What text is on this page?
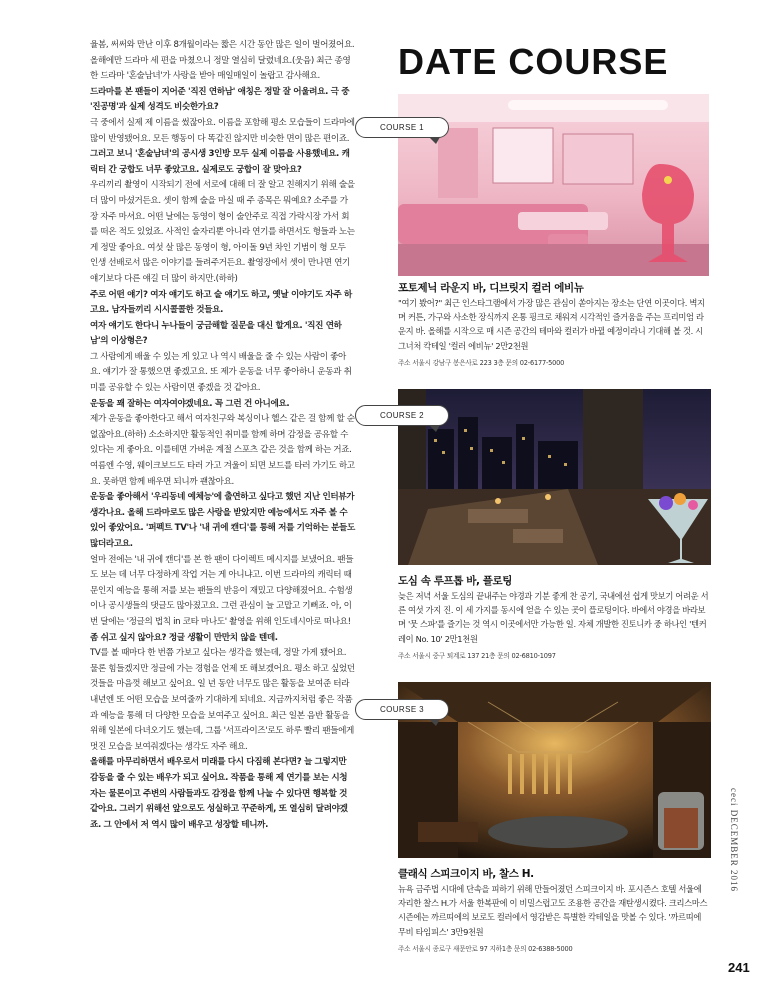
율봄, 써써와 만난 이후 8개월이라는 짧은 시간 동안 많은 일이 벌어졌어요. 올해에만 드라마 세 편을 마쳤으니 정말 열심히 달렸네요.(웃음) 최근 종영한 드라마 '혼술남녀'가 사랑을 받아 매일매일이 놀랍고 감사해요.

드라마를 본 팬들이 지어준 '직진 연하남' 애칭은 정말 잘 어울려요. 극 중 '진공명'과 실제 성격도 비슷한가요?

극 중에서 실제 제 이름을 썼잖아요. 이름을 포함해 평소 모습들이 드라마에 많이 반영됐어요. 모든 행동이 다 똑같진 않지만 비슷한 면이 많은 편이죠.

그러고 보니 '혼술남녀'의 공시생 3인방 모두 실제 이름을 사용했네요. 캐릭터 간 궁합도 너무 좋았고요. 실제로도 궁합이 잘 맞아요?

우리끼리 촬영이 시작되기 전에 서로에 대해 더 잘 알고 친해지기 위해 술을 더 많이 마셨거든요. 셋이 함께 술을 마실 때 주 종목은 뭐예요? 소주를 가장 자주 마셔요. 어떤 날에는 동영이 형이 술안주로 직접 가락시장 가서 회를 떠온 적도 있었죠. 사적인 술자리뿐 아니라 연기를 하면서도 형들과 노는 게 정말 좋아요. 여섯 살 많은 동영이 형, 아이돌 9년 차인 기범이 형 모두 인생 선배로서 많은 이야기를 들려주거든요. 촬영장에서 셋이 만나면 연기 얘기보다 다른 얘길 더 많이 하지만.(하하)

주로 어떤 얘기? 여자 얘기도 하고 술 얘기도 하고, 옛날 이야기도 자주 하고요. 남자들끼리 시시콜콜한 것들요.

여자 얘기도 한다니 누나들이 궁금해할 질문을 대신 할게요. '직진 연하남'의 이상형은?

그 사람에게 배울 수 있는 게 있고 나 역시 배울을 줄 수 있는 사람이 좋아요. 얘기가 잘 통했으면 좋겠고요. 또 제가 운동을 너무 좋아하니 운동과 취미를 공유할 수 있는 사람이면 좋겠을 것 같아요.

운동을 꽤 잘하는 여자여야겠네요. 꼭 그런 건 아니에요.

제가 운동을 좋아한다고 해서 여자친구와 복싱이나 헬스 같은 걸 함께 할 순 없잖아요.(하하) 소소하지만 활동적인 취미를 함께 하며 감정을 공유할 수 있다는 게 좋아요. 이를테면 가벼운 계절 스포츠 같은 것을 함께 하는 거죠. 여름엔 수영, 웨이크보드도 타러 가고 겨울이 되면 보드를 타러 가기도 하고요. 못하면 함께 배우면 되니까 괜찮아요.

운동을 좋아해서 '우리동네 예체능'에 출연하고 싶다고 했던 지난 인터뷰가 생각나요. 올해 드라마로도 많은 사랑을 받았지만 예능에서도 자주 볼 수 있어 좋았어요. '퍼펙트 TV'나 '내 귀에 캔디'를 통해 저를 기억하는 분들도 많더라고요.

얼마 전에는 '내 귀에 캔디'를 본 한 팬이 다이렉트 메시지를 보냈어요. 팬들도 보는 데 너무 다정하게 작업 거는 게 아니냐고. 이번 드라마의 캐릭터 때문인지 예능을 통해 저를 보는 팬들의 반응이 재밌고 다양해졌어요. 수험생이나 공시생들의 댓글도 많아졌고요. 그런 관심이 늘 고맙고 기뻐죠. 아, 이번 달에는 '정글의 법칙 in 코타 마나도' 촬영을 위해 인도네시아로 떠나요!

좀 쉬고 싶지 않아요? 정글 생활이 만만치 않을 텐데.

TV를 볼 때마다 한 번쯤 가보고 싶다는 생각을 했는데, 정말 가게 됐어요. 물론 힘들겠지만 정글에 가는 경험을 언제 또 해보겠어요. 평소 하고 싶었던 것들을 마음껏 해보고 싶어요. 일 년 동안 너무도 많은 활동을 보여준 터라 내년엔 또 어떤 모습을 보여줄까 기대하게 되네요. 지금까지처럼 좋은 작품과 예능을 통해 더 다양한 모습을 보여주고 싶어요. 최근 일본 음반 활동을 위해 일본에 다녀오기도 했는데, 그룹 '서프라이즈'로도 하루 빨리 팬들에게 멋진 모습을 보여줘겠다는 생각도 자주 해요.

올해를 마무리하면서 배우로서 미래를 다시 다짐해 본다면? 늘 그렇지만 감동을 줄 수 있는 배우가 되고 싶어요. 작품을 통해 제 연기를 보는 시청자는 물론이고 주변의 사람들과도 감정을 함께 나눌 수 있다면 행복할 것 같아요. 그러기 위해선 앞으로도 성실하고 꾸준하게, 또 열심히 달려야겠죠. 그 안에서 저 역시 많이 배우고 성장할 테니까.

DATE COURSE
COURSE 1
포토제닉 라운지 바, 디브릿지 컬러 에비뉴
"여기 봤어?" 최근 인스타그램에서 가장 많은 관심이 쏟아지는 장소는 단연 이곳이다. 벽지며 커튼, 가구와 사소한 장식까지 온통 핑크로 채워져 시각적인 즐거움을 주는 프리미엄 라운지 바. 올해를 시작으로 매 시즌 공간의 테마와 컬러가 바뀔 예정이라니 기대해 볼 것. 시그너처 칵테일 '컬러 에비뉴' 2만2천원
주소 서울시 강남구 봉은사로 223 3층 문의 02-6177-5000
COURSE 2
도심 속 루프톱 바, 플로팅
늦은 저녁 서울 도심의 끝내주는 야경과 기분 좋게 찬 공기, 국내에선 쉽게 맛보기 어려운 서른 여섯 가지 진. 이 세 가지를 동시에 얻을 수 있는 곳이 플로팅이다. 바에서 야경을 바라보며 '뭇 스파'를 즐기는 것 역시 이곳에서만 가능한 일. 자체 개발한 진토니카 중 하나인 '텐커레이 No. 10' 2만1천원
주소 서울시 중구 퇴계로 137 21층 문의 02-6810-1097
COURSE 3
클래식 스피크이지 바, 찰스 H.
뉴욕 금주법 시대에 단속을 피하기 위해 만들어졌던 스피크이지 바. 포시즌스 호텔 서울에 자리한 찰스 H.가 서울 한복판에 이 비밀스럽고도 조용한 공간을 재탄생시켰다. 크리스마스 시즌에는 까르띠에의 보로도 컬러에서 영감받은 특별한 칵테일을 맛볼 수 있다. '까르띠에 무비 타임피스' 3만9천원
주소 서울시 종로구 새문안로 97 지하1층 문의 02-6388-5000
ceci DECEMBER 2016
241
